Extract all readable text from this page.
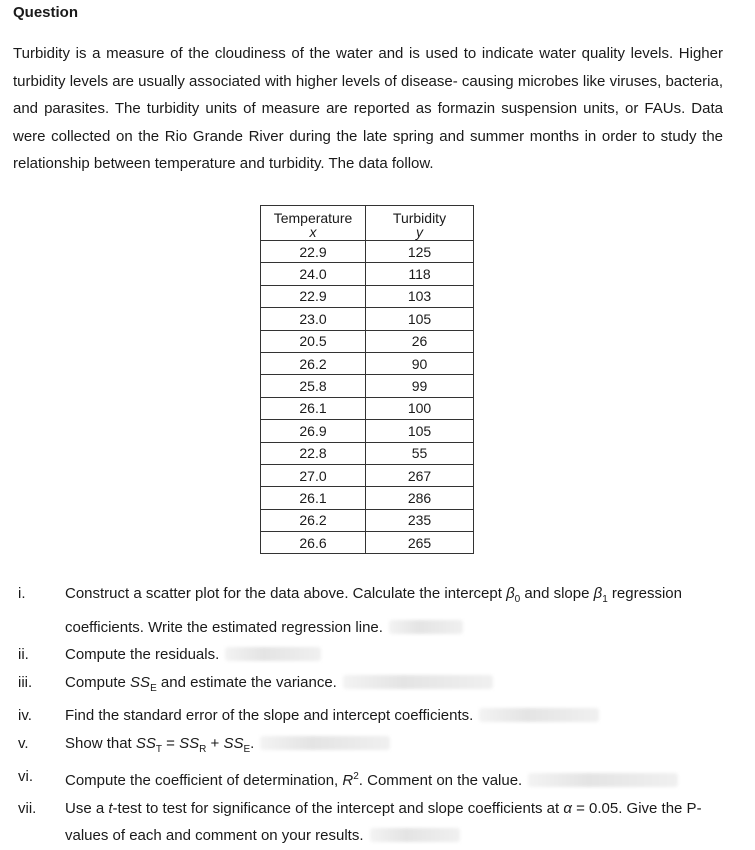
Question
Turbidity is a measure of the cloudiness of the water and is used to indicate water quality levels. Higher turbidity levels are usually associated with higher levels of disease- causing microbes like viruses, bacteria, and parasites. The turbidity units of measure are reported as formazin suspension units, or FAUs. Data were collected on the Rio Grande River during the late spring and summer months in order to study the relationship between temperature and turbidity. The data follow.
Temperature	Turbidity
x	y
22.9	125
24.0	118
22.9	103
23.0	105
20.5	26
26.2	90
25.8	99
26.1	100
26.9	105
22.8	55
27.0	267
26.1	286
26.2	235
26.6	265
i.	Construct a scatter plot for the data above. Calculate the intercept $\beta_0$ and slope $\beta_1$ regression coefficients. Write the estimated regression line.
ii.	Compute the residuals.
iii.	Compute $SS_E$ and estimate the variance.
iv.	Find the standard error of the slope and intercept coefficients.
v.	Show that $SS_T = SS_R + SS_E$.
vi.	Compute the coefficient of determination, $R^2$. Comment on the value.
vii.	Use a t-test to test for significance of the intercept and slope coefficients at α = 0.05. Give the P-values of each and comment on your results.
